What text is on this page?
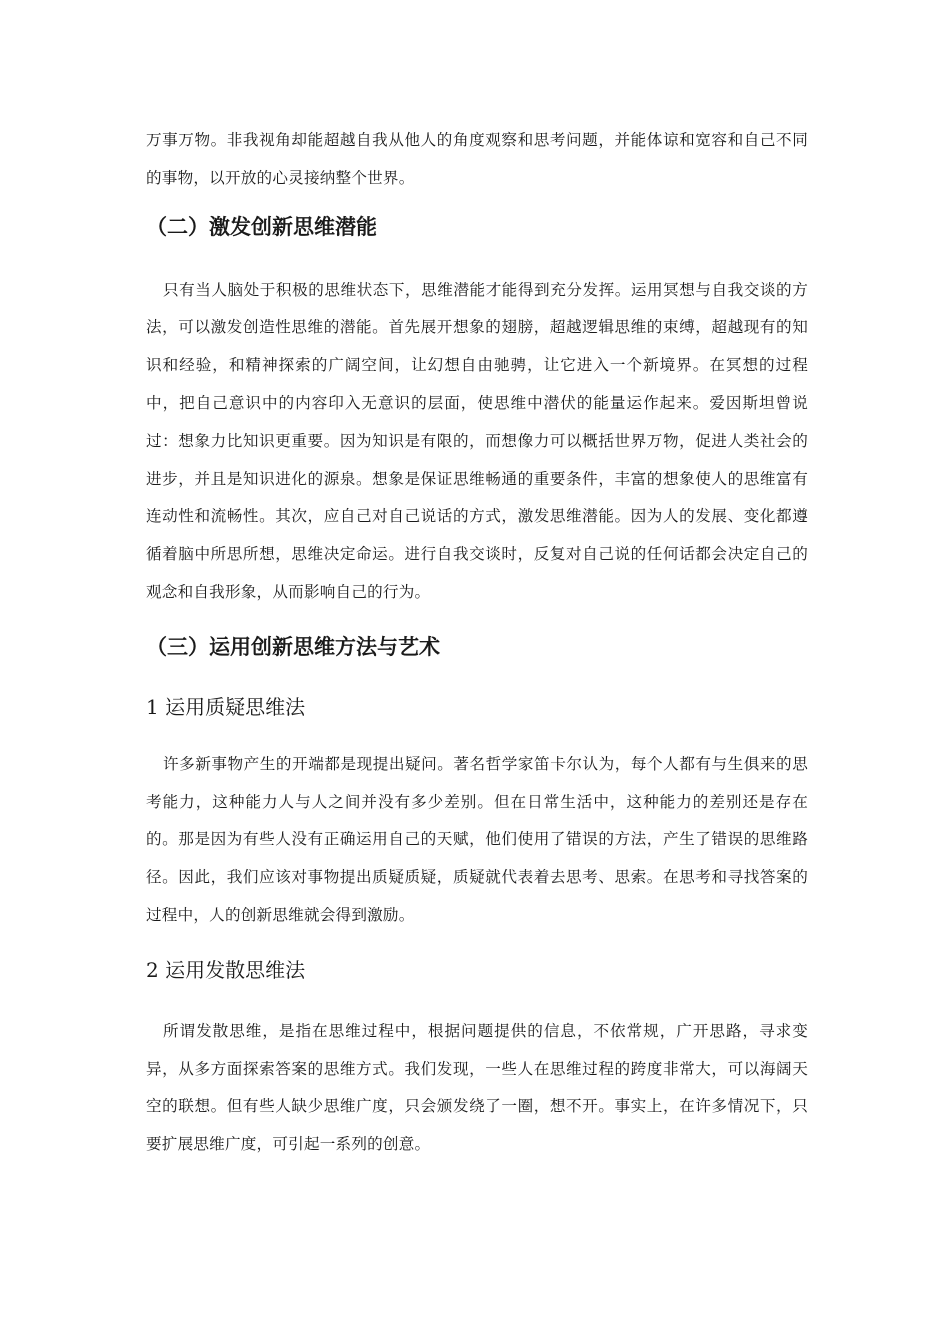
万事万物。非我视角却能超越自我从他人的角度观察和思考问题，并能体谅和宽容和自己不同的事物，以开放的心灵接纳整个世界。

（二）激发创新思维潜能

只有当人脑处于积极的思维状态下，思维潜能才能得到充分发挥。运用冥想与自我交谈的方法，可以激发创造性思维的潜能。首先展开想象的翅膀，超越逻辑思维的束缚，超越现有的知识和经验，和精神探索的广阔空间，让幻想自由驰骋，让它进入一个新境界。在冥想的过程中，把自己意识中的内容印入无意识的层面，使思维中潜伏的能量运作起来。爱因斯坦曾说过：想象力比知识更重要。因为知识是有限的，而想像力可以概括世界万物，促进人类社会的进步，并且是知识进化的源泉。想象是保证思维畅通的重要条件，丰富的想象使人的思维富有连动性和流畅性。其次，应自己对自己说话的方式，激发思维潜能。因为人的发展、变化都遵循着脑中所思所想，思维决定命运。进行自我交谈时，反复对自己说的任何话都会决定自己的观念和自我形象，从而影响自己的行为。

（三）运用创新思维方法与艺术
1 运用质疑思维法

许多新事物产生的开端都是现提出疑问。著名哲学家笛卡尔认为，每个人都有与生俱来的思考能力，这种能力人与人之间并没有多少差别。但在日常生活中，这种能力的差别还是存在的。那是因为有些人没有正确运用自己的天赋，他们使用了错误的方法，产生了错误的思维路径。因此，我们应该对事物提出质疑质疑，质疑就代表着去思考、思索。在思考和寻找答案的过程中，人的创新思维就会得到激励。

2 运用发散思维法

所谓发散思维，是指在思维过程中，根据问题提供的信息，不依常规，广开思路，寻求变异，从多方面探索答案的思维方式。我们发现，一些人在思维过程的跨度非常大，可以海阔天空的联想。但有些人缺少思维广度，只会颁发绕了一圈，想不开。事实上，在许多情况下，只要扩展思维广度，可引起一系列的创意。
